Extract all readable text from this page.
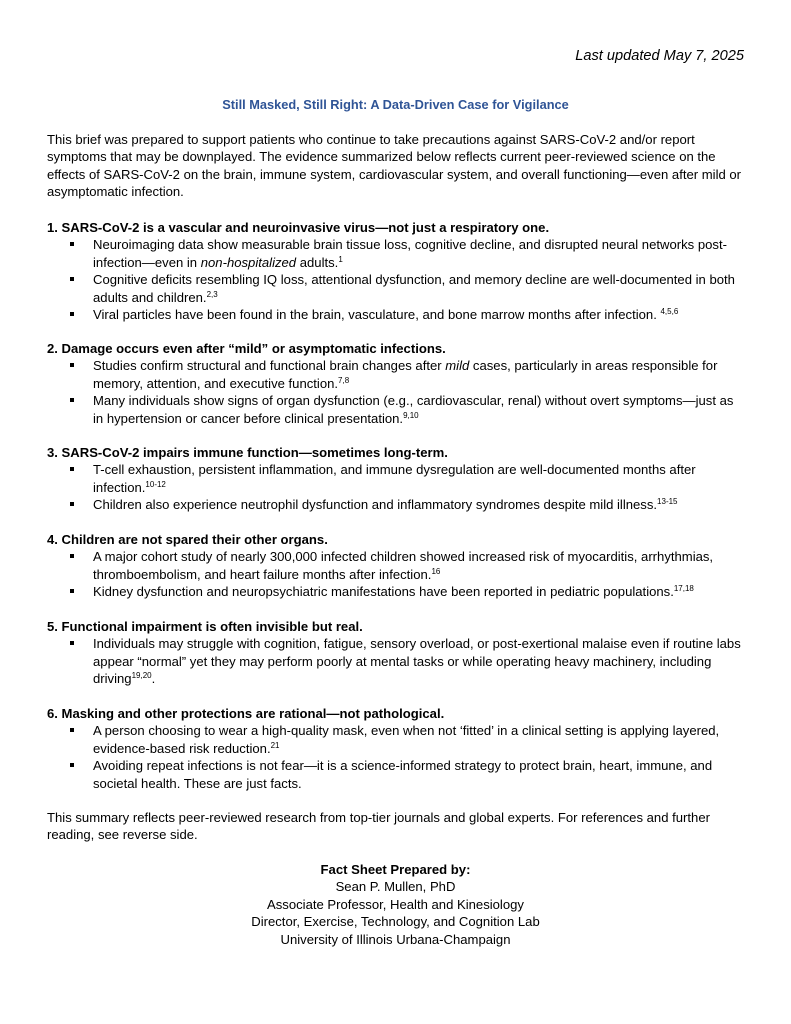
Last updated May 7, 2025
Still Masked, Still Right: A Data-Driven Case for Vigilance
This brief was prepared to support patients who continue to take precautions against SARS-CoV-2 and/or report symptoms that may be downplayed. The evidence summarized below reflects current peer-reviewed science on the effects of SARS-CoV-2 on the brain, immune system, cardiovascular system, and overall functioning—even after mild or asymptomatic infection.

1. SARS-CoV-2 is a vascular and neuroinvasive virus—not just a respiratory one.

Neuroimaging data show measurable brain tissue loss, cognitive decline, and disrupted neural networks post-infection—even in non-hospitalized adults.$^1$
Cognitive deficits resembling IQ loss, attentional dysfunction, and memory decline are well-documented in both adults and children.$^{2,3}$
Viral particles have been found in the brain, vasculature, and bone marrow months after infection. $^{4,5,6}$

2. Damage occurs even after “mild” or asymptomatic infections.

Studies confirm structural and functional brain changes after mild cases, particularly in areas responsible for memory, attention, and executive function.$^{7,8}$
Many individuals show signs of organ dysfunction (e.g., cardiovascular, renal) without overt symptoms—just as in hypertension or cancer before clinical presentation.$^{9,10}$

3. SARS-CoV-2 impairs immune function—sometimes long-term.

T-cell exhaustion, persistent inflammation, and immune dysregulation are well-documented months after infection.$^{10-12}$
Children also experience neutrophil dysfunction and inflammatory syndromes despite mild illness.$^{13-15}$

4. Children are not spared their other organs.

A major cohort study of nearly 300,000 infected children showed increased risk of myocarditis, arrhythmias, thromboembolism, and heart failure months after infection.$^{16}$
Kidney dysfunction and neuropsychiatric manifestations have been reported in pediatric populations.$^{17,18}$

5. Functional impairment is often invisible but real.

Individuals may struggle with cognition, fatigue, sensory overload, or post-exertional malaise even if routine labs appear “normal” yet they may perform poorly at mental tasks or while operating heavy machinery, including driving$^{19,20}$.

6. Masking and other protections are rational—not pathological.

A person choosing to wear a high-quality mask, even when not ‘fitted’ in a clinical setting is applying layered, evidence-based risk reduction.$^{21}$
Avoiding repeat infections is not fear—it is a science-informed strategy to protect brain, heart, immune, and societal health. These are just facts.
This summary reflects peer-reviewed research from top-tier journals and global experts. For references and further reading, see reverse side.
Fact Sheet Prepared by:
Sean P. Mullen, PhD
Associate Professor, Health and Kinesiology
Director, Exercise, Technology, and Cognition Lab
University of Illinois Urbana-Champaign
